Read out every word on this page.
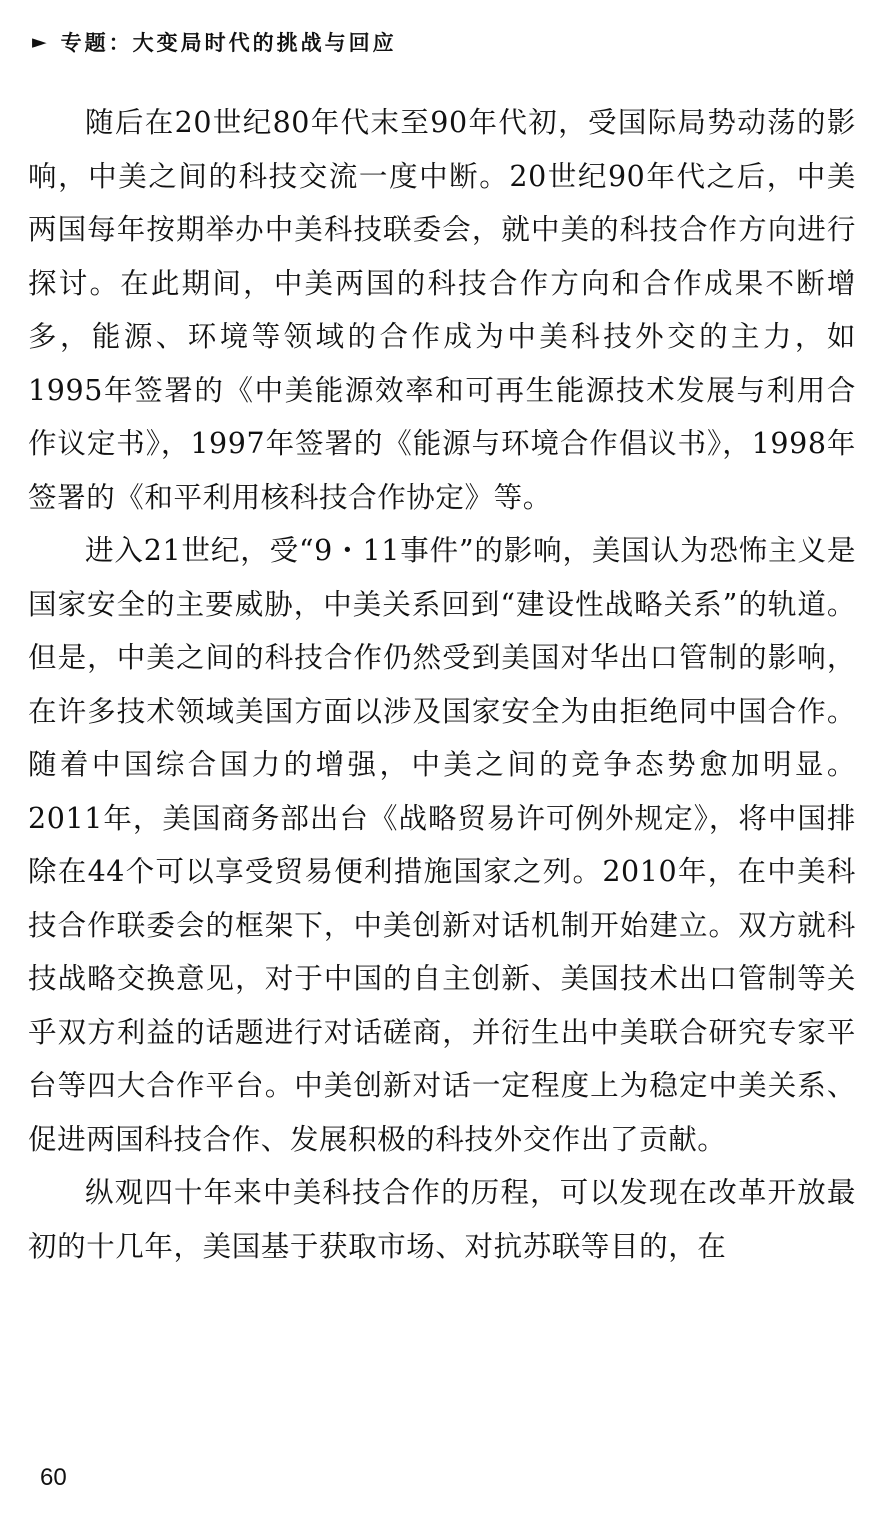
► 专题：大变局时代的挑战与回应

随后在20世纪80年代末至90年代初，受国际局势动荡的影响，中美之间的科技交流一度中断。20世纪90年代之后，中美两国每年按期举办中美科技联委会，就中美的科技合作方向进行探讨。在此期间，中美两国的科技合作方向和合作成果不断增多，能源、环境等领域的合作成为中美科技外交的主力，如1995年签署的《中美能源效率和可再生能源技术发展与利用合作议定书》，1997年签署的《能源与环境合作倡议书》，1998年签署的《和平利用核科技合作协定》等。

进入21世纪，受“9・11事件”的影响，美国认为恐怖主义是国家安全的主要威胁，中美关系回到“建设性战略关系”的轨道。但是，中美之间的科技合作仍然受到美国对华出口管制的影响，在许多技术领域美国方面以涉及国家安全为由拒绝同中国合作。随着中国综合国力的增强，中美之间的竞争态势愈加明显。2011年，美国商务部出台《战略贸易许可例外规定》，将中国排除在44个可以享受贸易便利措施国家之列。2010年，在中美科技合作联委会的框架下，中美创新对话机制开始建立。双方就科技战略交换意见，对于中国的自主创新、美国技术出口管制等关乎双方利益的话题进行对话磋商，并衍生出中美联合研究专家平台等四大合作平台。中美创新对话一定程度上为稳定中美关系、促进两国科技合作、发展积极的科技外交作出了贡献。

纵观四十年来中美科技合作的历程，可以发现在改革开放最初的十几年，美国基于获取市场、对抗苏联等目的，在

60
